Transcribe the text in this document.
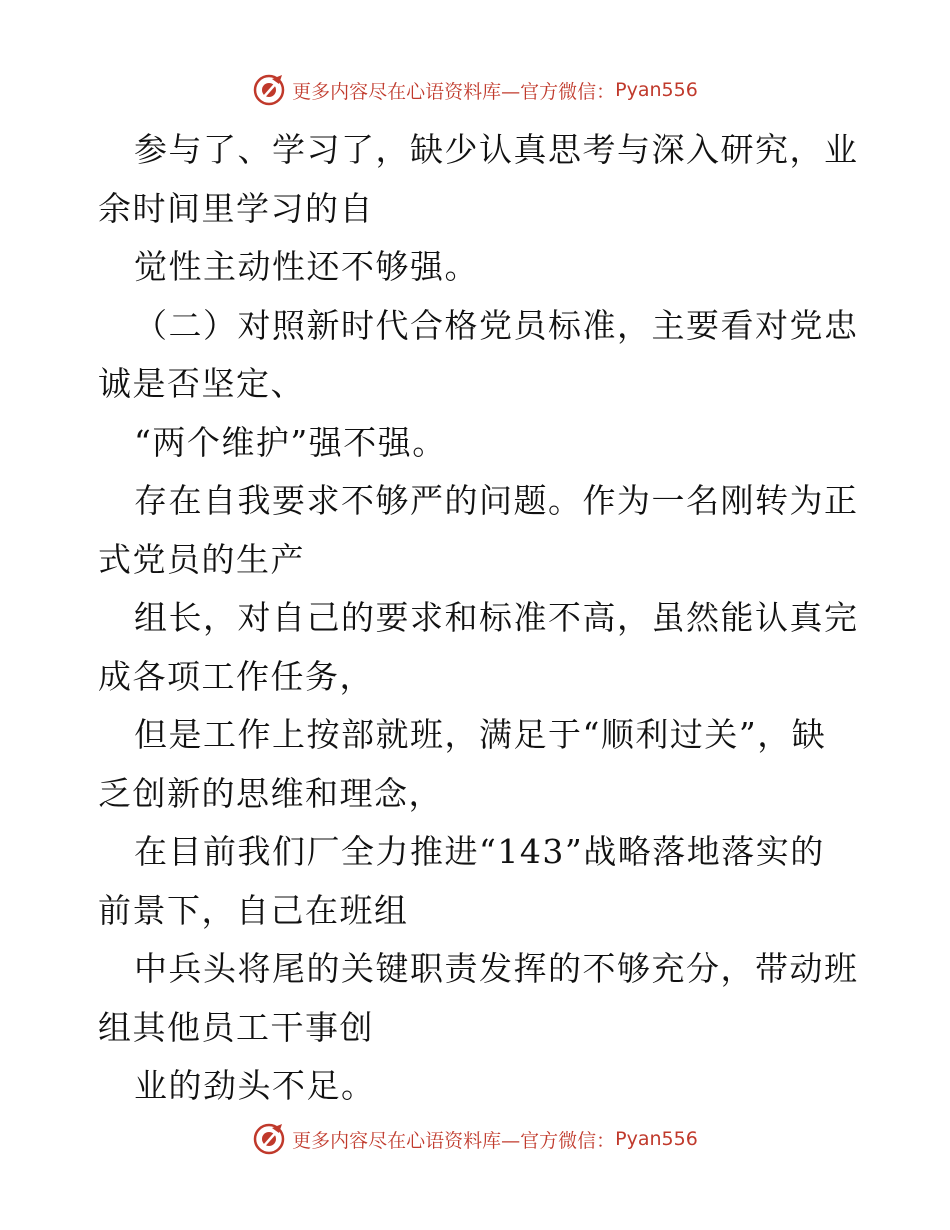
更多内容尽在心语资料库—官方微信： Pyan556

参与了、学习了，缺少认真思考与深入研究，业

余时间里学习的自

觉性主动性还不够强。

（二）对照新时代合格党员标准，主要看对党忠

诚是否坚定、

“两个维护”强不强。

存在自我要求不够严的问题。作为一名刚转为正

式党员的生产

组长，对自己的要求和标准不高，虽然能认真完

成各项工作任务，

但是工作上按部就班，满足于“顺利过关”，缺

乏创新的思维和理念，

在目前我们厂全力推进“143”战略落地落实的

前景下，自己在班组

中兵头将尾的关键职责发挥的不够充分，带动班

组其他员工干事创

业的劲头不足。

更多内容尽在心语资料库—官方微信： Pyan556
